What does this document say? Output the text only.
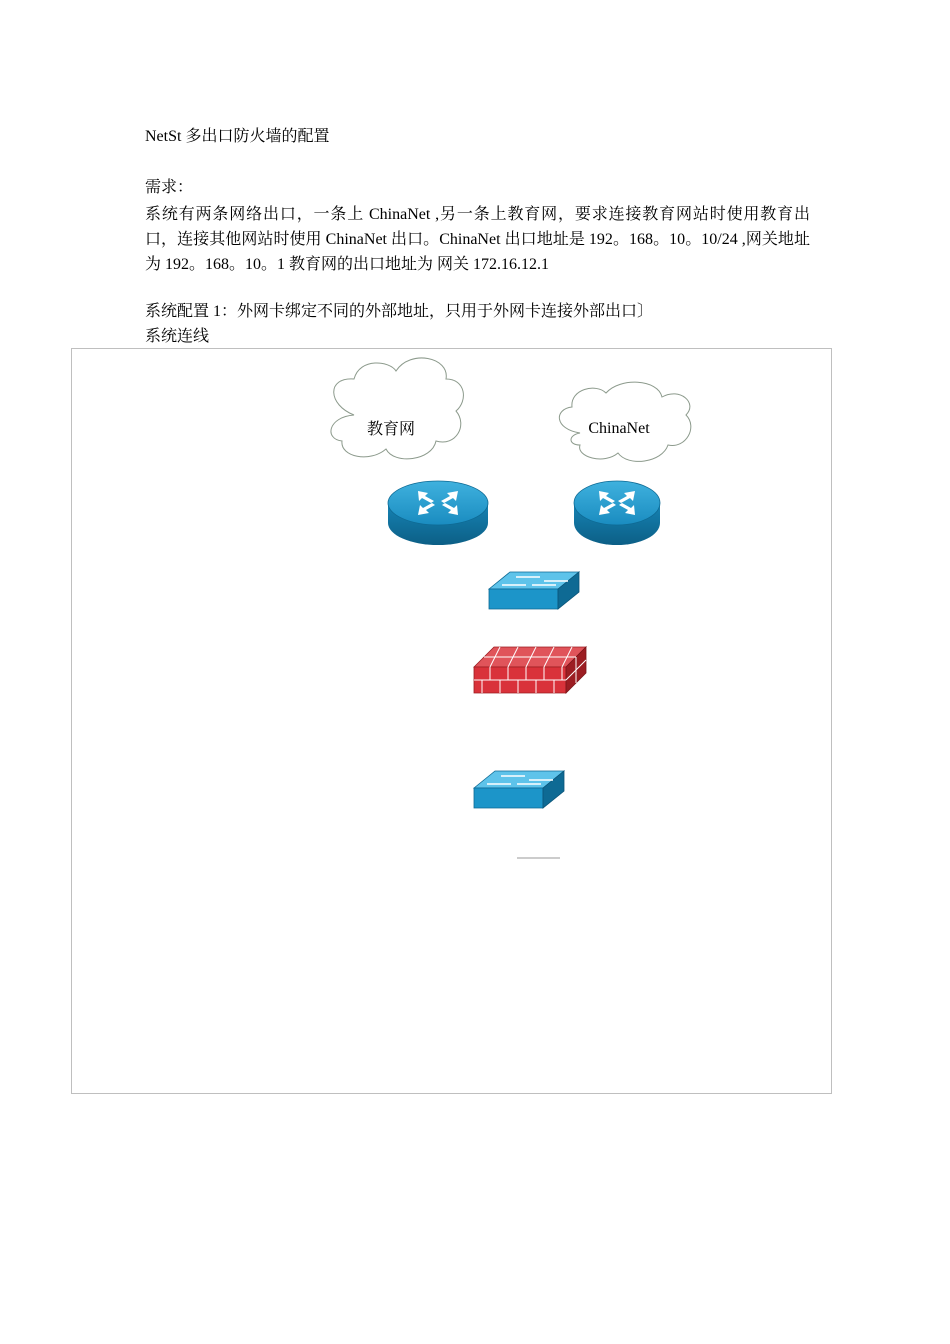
NetSt 多出口防火墙的配置
需求：
系统有两条网络出口，一条上 ChinaNet ,另一条上教育网，要求连接教育网站时使用教育出口，连接其他网站时使用 ChinaNet 出口。ChinaNet 出口地址是 192。168。10。10/24 ,网关地址为 192。168。10。1 教育网的出口地址为 网关 172.16.12.1
系统配置 1：外网卡绑定不同的外部地址，只用于外网卡连接外部出口〕
系统连线
教育网	ChinaNet
